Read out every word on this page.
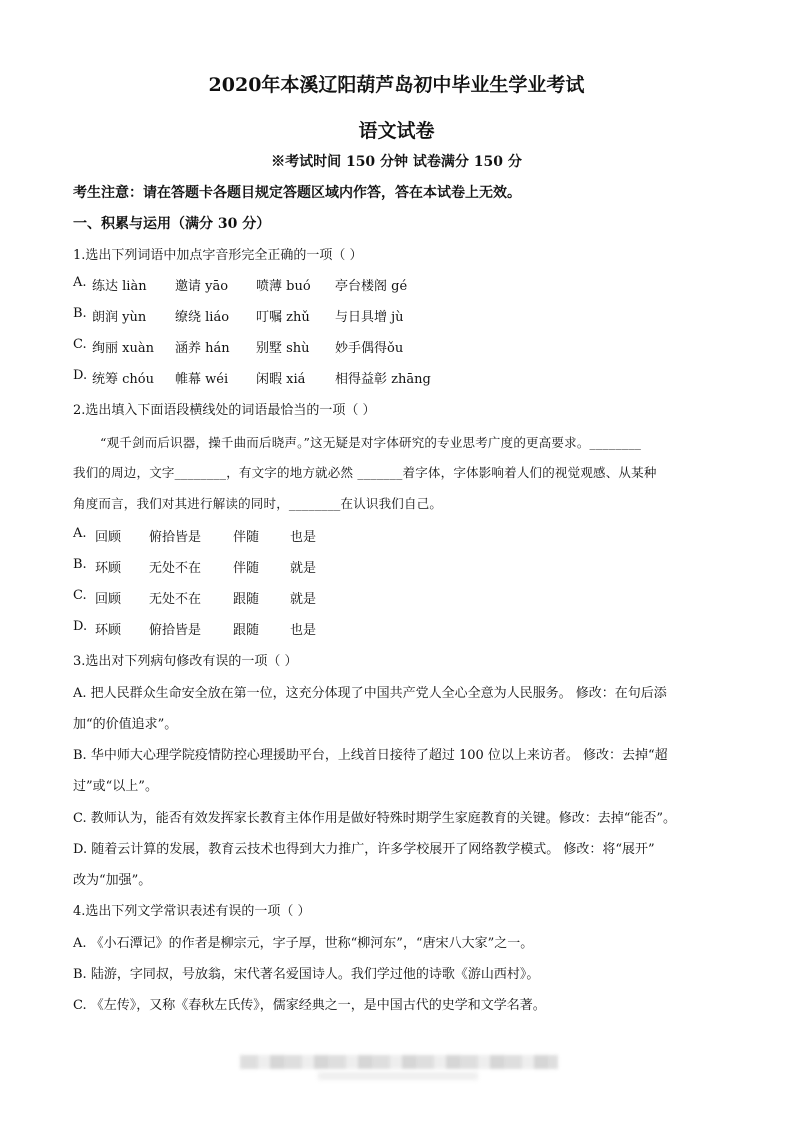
2020年本溪辽阳葫芦岛初中毕业生学业考试
语文试卷
※考试时间 150 分钟 试卷满分 150 分
考生注意：请在答题卡各题目规定答题区域内作答，答在本试卷上无效。
一、积累与运用（满分 30 分）
1.选出下列词语中加点字音形完全正确的一项（ ）
A. 练达 liàn 邀请 yāo 喷薄 buó 亭台楼阁 gé
B. 朗润 yùn 缭绕 liáo 叮嘱 zhǔ 与日具增 jù
C. 绚丽 xuàn 涵养 hán 别墅 shù 妙手偶得ǒu
D. 统筹 chóu 帷幕 wéi 闲暇 xiá 相得益彰 zhāng
2.选出填入下面语段横线处的词语最恰当的一项（ ）
“观千剑而后识器，操千曲而后晓声。”这无疑是对字体研究的专业思考广度的更高要求。________
我们的周边，文字________，有文字的地方就必然 _______着字体，字体影响着人们的视觉观感、从某种
角度而言，我们对其进行解读的同时，________在认识我们自己。
A. 回顾 俯拾皆是 伴随 也是
B. 环顾 无处不在 伴随 就是
C. 回顾 无处不在 跟随 就是
D. 环顾 俯拾皆是 跟随 也是
3.选出对下列病句修改有误的一项（ ）
A. 把人民群众生命安全放在第一位，这充分体现了中国共产党人全心全意为人民服务。 修改：在句后添
加“的价值追求”。
B. 华中师大心理学院疫情防控心理援助平台，上线首日接待了超过 100 位以上来访者。 修改：去掉“超
过”或“以上”。
C. 教师认为，能否有效发挥家长教育主体作用是做好特殊时期学生家庭教育的关键。修改：去掉“能否”。
D. 随着云计算的发展，教育云技术也得到大力推广，许多学校展开了网络教学模式。 修改：将“展开”
改为“加强”。
4.选出下列文学常识表述有误的一项（ ）
A. 《小石潭记》的作者是柳宗元，字子厚，世称“柳河东”，“唐宋八大家”之一。
B. 陆游，字同叔，号放翁，宋代著名爱国诗人。我们学过他的诗歌《游山西村》。
C. 《左传》，又称《春秋左氏传》，儒家经典之一，是中国古代的史学和文学名著。
